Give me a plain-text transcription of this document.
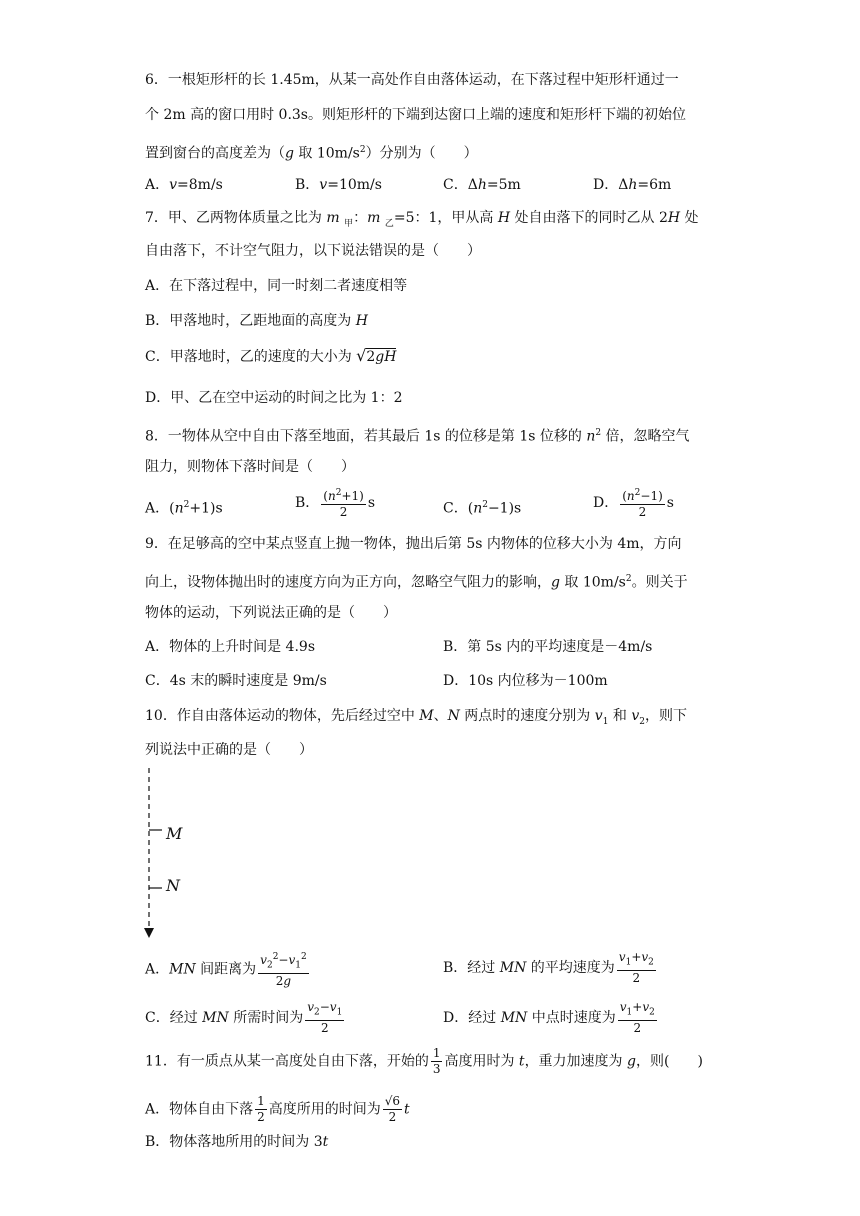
6．一根矩形杆的长 1.45m，从某一高处作自由落体运动，在下落过程中矩形杆通过一
个 2m 高的窗口用时 0.3s。则矩形杆的下端到达窗口上端的速度和矩形杆下端的初始位
置到窗台的高度差为（g 取 $10m/s^2$）分别为（　　）
A．v=8m/s	B．v=10m/s	C．Δh=5m	D．Δh=6m
7．甲、乙两物体质量之比为 m $_甲$：m $_乙$=5：1，甲从高 H 处自由落下的同时乙从 2H 处
自由落下，不计空气阻力，以下说法错误的是（　　）
A．在下落过程中，同一时刻二者速度相等
B．甲落地时，乙距地面的高度为 H
C．甲落地时，乙的速度的大小为 √2gH
D．甲、乙在空中运动的时间之比为 1：2
8．一物体从空中自由下落至地面，若其最后 1s 的位移是第 1s 位移的 $n^2$ 倍，忽略空气
阻力，则物体下落时间是（　　）
A．$(n^2+1)s$	B． $\frac{(n^2+1)}{2}$ s	C．$(n^2-1)s$	D． $\frac{(n^2-1)}{2}$ s
9．在足够高的空中某点竖直上抛一物体，抛出后第 5s 内物体的位移大小为 4m，方向
向上，设物体抛出时的速度方向为正方向，忽略空气阻力的影响，g 取 $10m/s^2$。则关于
物体的运动，下列说法正确的是（　　）
A．物体的上升时间是 4.9s	B．第 5s 内的平均速度是－4m/s
C．4s 末的瞬时速度是 9m/s	D．10s 内位移为－100m
10．作自由落体运动的物体，先后经过空中 M、N 两点时的速度分别为 $v_1$ 和 $v_2$，则下
列说法中正确的是（　　）
M
N
A．MN 间距离为 $\frac{v_2^2-v_1^2}{2g}$	B．经过 MN 的平均速度为 $\frac{v_1+v_2}{2}$
C．经过 MN 所需时间为 $\frac{v_2-v_1}{2}$	D．经过 MN 中点时速度为 $\frac{v_1+v_2}{2}$
11．有一质点从某一高度处自由下落，开始的 $\frac{1}{3}$ 高度用时为 t，重力加速度为 g，则(　　)
A．物体自由下落 $\frac{1}{2}$ 高度所用的时间为 $\frac{√6}{2}$ t
B．物体落地所用的时间为 3t
